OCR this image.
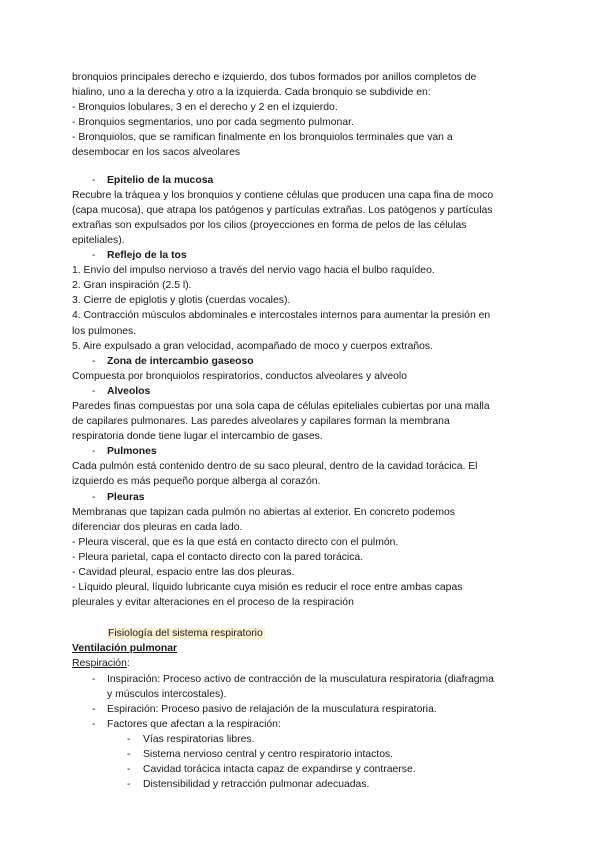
bronquios principales derecho e izquierdo, dos tubos formados por anillos completos de

hialino, uno a la derecha y otro a la izquierda. Cada bronquio se subdivide en:

- Bronquios lobulares, 3 en el derecho y 2 en el izquierdo.

- Bronquios segmentarios, uno por cada segmento pulmonar.

- Bronquiolos, que se ramifican finalmente en los bronquiolos terminales que van a

desembocar en los sacos alveolares

- Epitelio de la mucosa

Recubre la tráquea y los bronquios y contiene células que producen una capa fina de moco

(capa mucosa), que atrapa los patógenos y partículas extrañas. Los patógenos y partículas

extrañas son expulsados por los cilios (proyecciones en forma de pelos de las células

epiteliales).

- Reflejo de la tos

1. Envío del impulso nervioso a través del nervio vago hacia el bulbo raquídeo.

2. Gran inspiración (2.5 l).

3. Cierre de epiglotis y glotis (cuerdas vocales).

4. Contracción músculos abdominales e intercostales internos para aumentar la presión en

los pulmones.

5. Aire expulsado a gran velocidad, acompañado de moco y cuerpos extraños.

- Zona de intercambio gaseoso

Compuesta por bronquiolos respiratorios, conductos alveolares y alveolo

- Alveolos

Paredes finas compuestas por una sola capa de células epiteliales cubiertas por una malla

de capilares pulmonares. Las paredes alveolares y capilares forman la membrana

respiratoria donde tiene lugar el intercambio de gases.

- Pulmones

Cada pulmón está contenido dentro de su saco pleural, dentro de la cavidad torácica. El

izquierdo es más pequeño porque alberga al corazón.

- Pleuras

Membranas que tapizan cada pulmón no abiertas al exterior. En concreto podemos

diferenciar dos pleuras en cada lado.

- Pleura visceral, que es la que está en contacto directo con el pulmón.

- Pleura parietal, capa el contacto directo con la pared torácica.

- Cavidad pleural, espacio entre las dos pleuras.

- Líquido pleural, líquido lubricante cuya misión es reducir el roce entre ambas capas

pleurales y evitar alteraciones en el proceso de la respiración

Fisiología del sistema respiratorio

Ventilación pulmonar

Respiración:

- Inspiración: Proceso activo de contracción de la musculatura respiratoria (diafragma
y músculos intercostales).
- Espiración: Proceso pasivo de relajación de la musculatura respiratoria.
- Factores que afectan a la respiración:
- Vías respiratorias libres.
- Sistema nervioso central y centro respiratorio intactos.
- Cavidad torácica intacta capaz de expandirse y contraerse.
- Distensibilidad y retracción pulmonar adecuadas.
